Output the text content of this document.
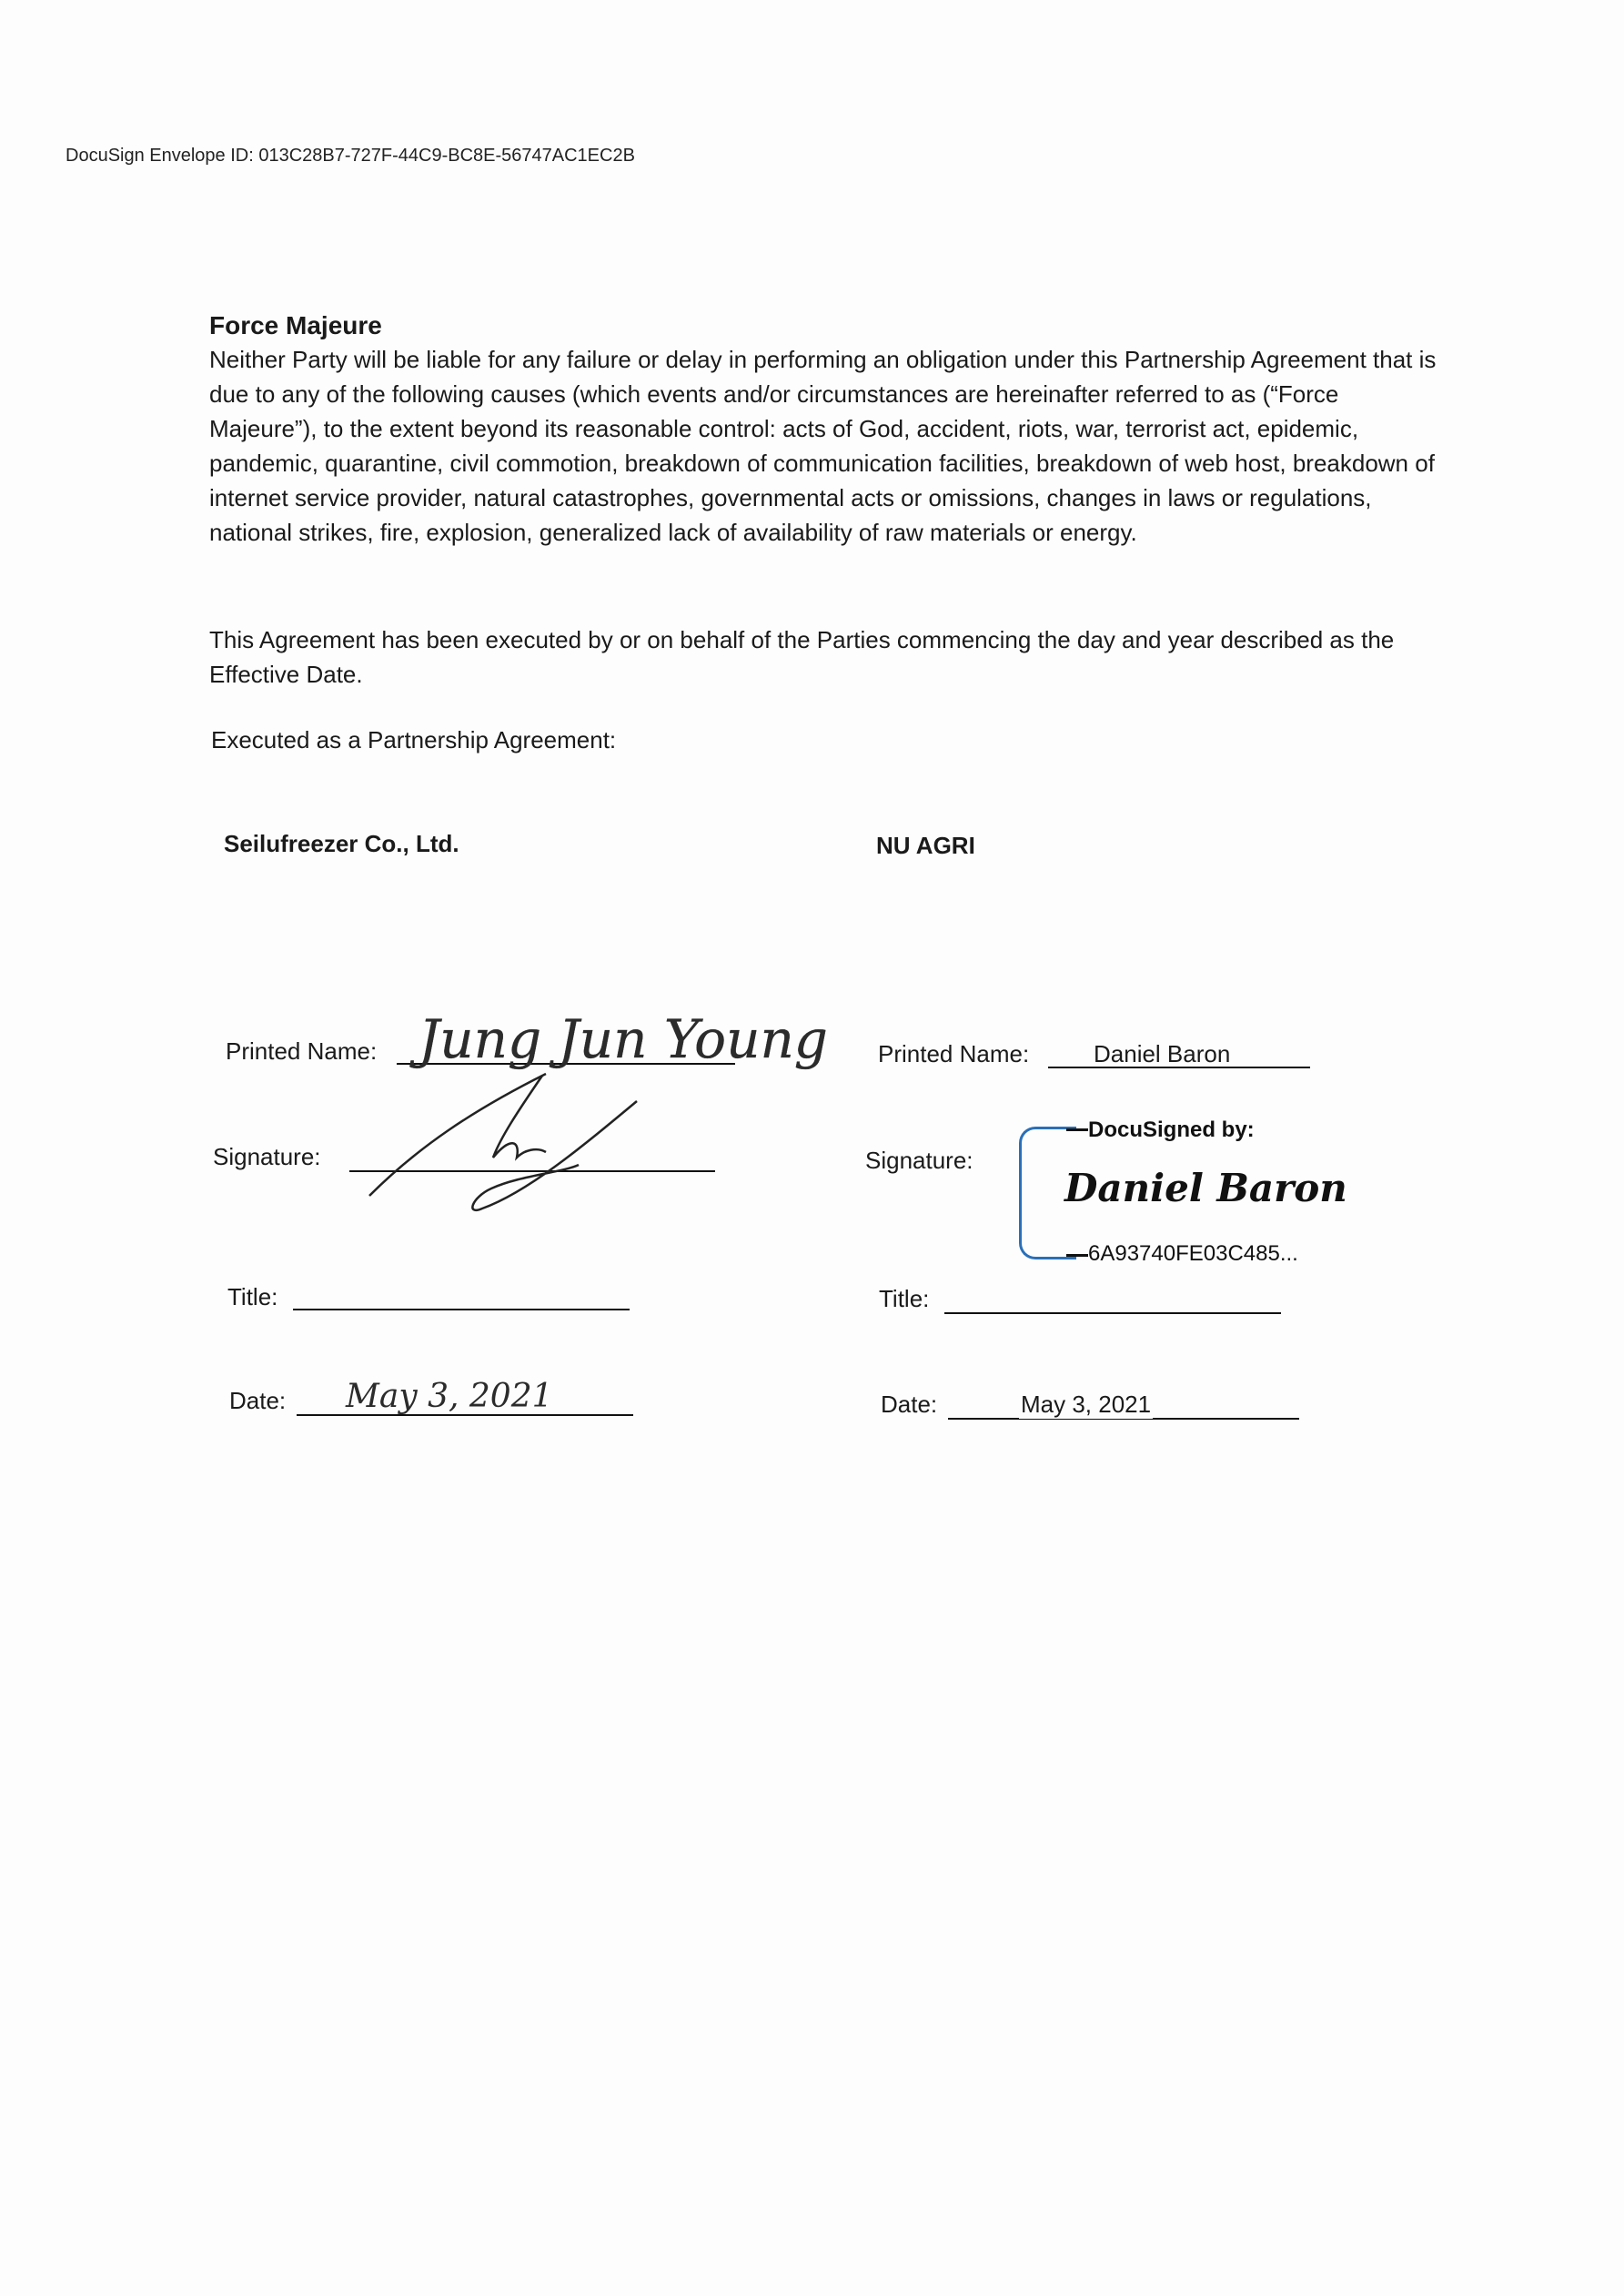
DocuSign Envelope ID: 013C28B7-727F-44C9-BC8E-56747AC1EC2B
Force Majeure
Neither Party will be liable for any failure or delay in performing an obligation under this Partnership Agreement that is due to any of the following causes (which events and/or circumstances are hereinafter referred to as (“Force Majeure”), to the extent beyond its reasonable control: acts of God, accident, riots, war, terrorist act, epidemic, pandemic, quarantine, civil commotion, breakdown of communication facilities, breakdown of web host, breakdown of internet service provider, natural catastrophes, governmental acts or omissions, changes in laws or regulations, national strikes, fire, explosion, generalized lack of availability of raw materials or energy.
This Agreement has been executed by or on behalf of the Parties commencing the day and year described as the Effective Date.
Executed as a Partnership Agreement:
Seilufreezer Co., Ltd.
Printed Name: Jung Jun Young
Signature:
Title:
Date: May 3, 2021
NU AGRI
Printed Name:	Daniel Baron
Signature:
DocuSigned by:
Daniel Baron
6A93740FE03C485...
Title:
Date:	May 3, 2021
